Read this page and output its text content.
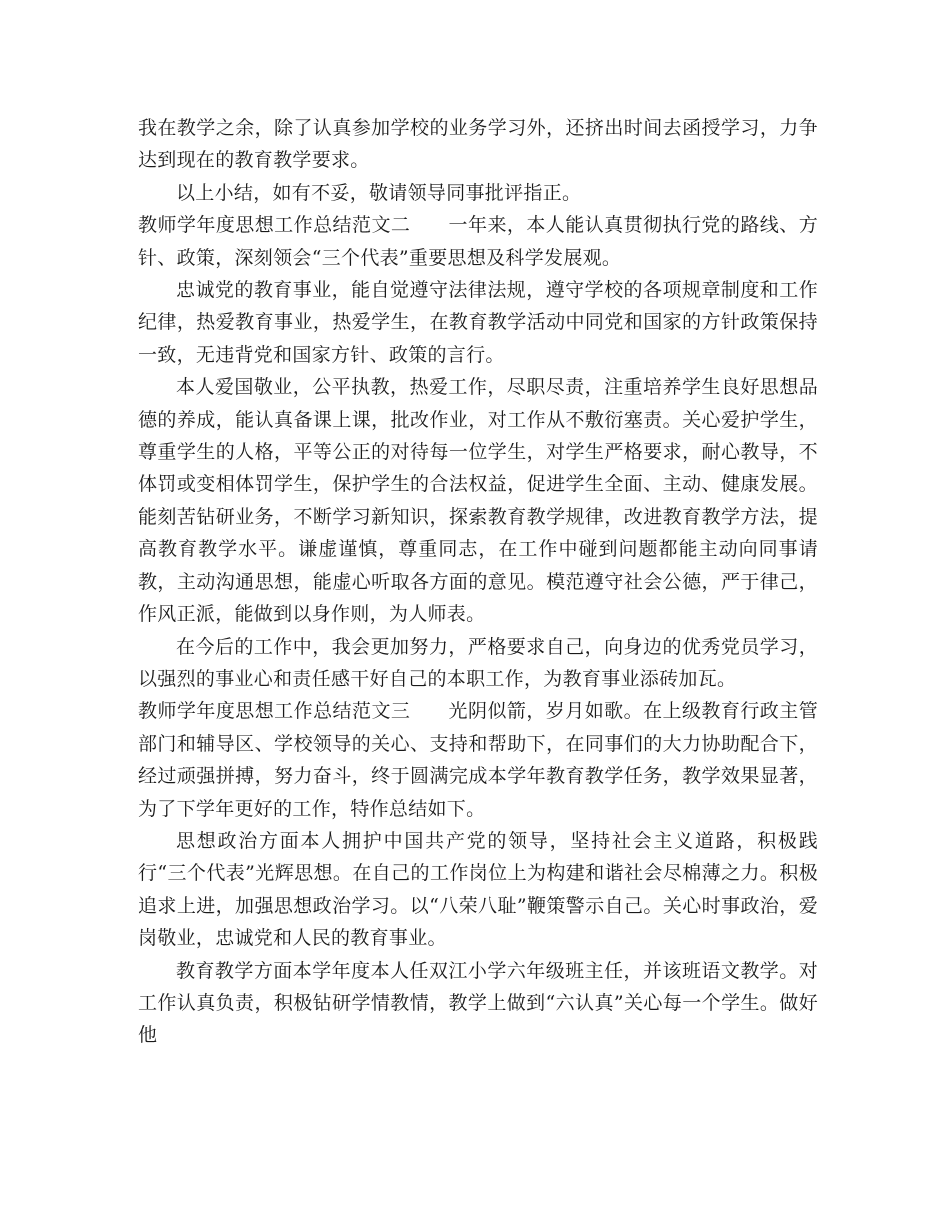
我在教学之余，除了认真参加学校的业务学习外，还挤出时间去函授学习，力争达到现在的教育教学要求。

以上小结，如有不妥，敬请领导同事批评指正。

教师学年度思想工作总结范文二 一年来，本人能认真贯彻执行党的路线、方针、政策，深刻领会“三个代表”重要思想及科学发展观。

忠诚党的教育事业，能自觉遵守法律法规，遵守学校的各项规章制度和工作纪律，热爱教育事业，热爱学生，在教育教学活动中同党和国家的方针政策保持一致，无违背党和国家方针、政策的言行。

本人爱国敬业，公平执教，热爱工作，尽职尽责，注重培养学生良好思想品德的养成，能认真备课上课，批改作业，对工作从不敷衍塞责。关心爱护学生，尊重学生的人格，平等公正的对待每一位学生，对学生严格要求，耐心教导，不体罚或变相体罚学生，保护学生的合法权益，促进学生全面、主动、健康发展。能刻苦钻研业务，不断学习新知识，探索教育教学规律，改进教育教学方法，提高教育教学水平。谦虚谨慎，尊重同志，在工作中碰到问题都能主动向同事请教，主动沟通思想，能虚心听取各方面的意见。模范遵守社会公德，严于律己，作风正派，能做到以身作则，为人师表。

在今后的工作中，我会更加努力，严格要求自己，向身边的优秀党员学习，以强烈的事业心和责任感干好自己的本职工作，为教育事业添砖加瓦。

教师学年度思想工作总结范文三 光阴似箭，岁月如歌。在上级教育行政主管部门和辅导区、学校领导的关心、支持和帮助下，在同事们的大力协助配合下，经过顽强拼搏，努力奋斗，终于圆满完成本学年教育教学任务，教学效果显著，为了下学年更好的工作，特作总结如下。

思想政治方面本人拥护中国共产党的领导，坚持社会主义道路，积极践行“三个代表”光辉思想。在自己的工作岗位上为构建和谐社会尽棉薄之力。积极追求上进，加强思想政治学习。以“八荣八耻”鞭策警示自己。关心时事政治，爱岗敬业，忠诚党和人民的教育事业。

教育教学方面本学年度本人任双江小学六年级班主任，并该班语文教学。对工作认真负责，积极钻研学情教情，教学上做到“六认真”关心每一个学生。做好他
